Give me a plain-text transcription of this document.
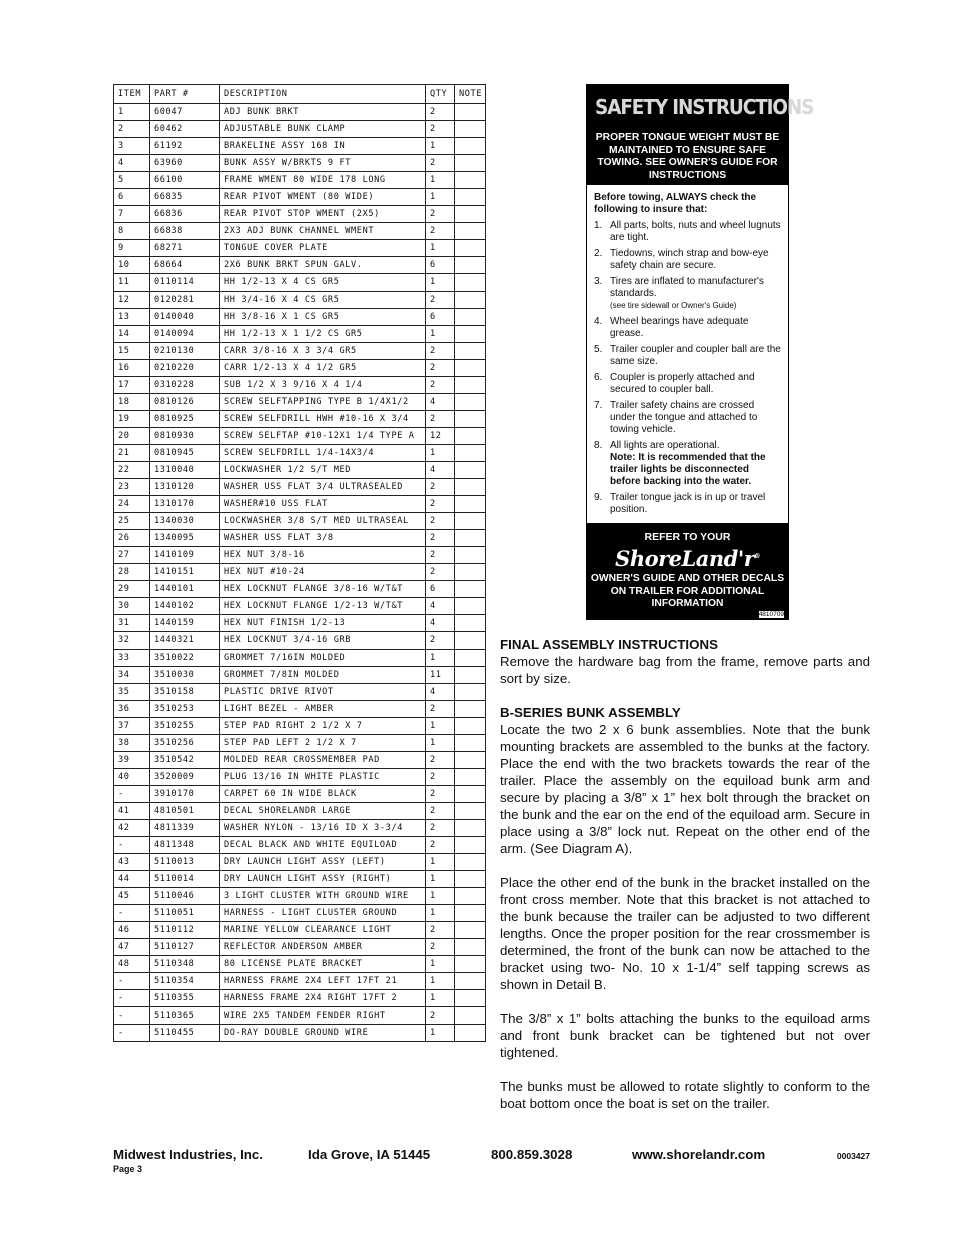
ITEM	PART #	DESCRIPTION	QTY	NOTE
1	60047	ADJ BUNK BRKT	2	
2	60462	ADJUSTABLE BUNK CLAMP	2	
3	61192	BRAKELINE ASSY 168 IN	1	
4	63960	BUNK ASSY W/BRKTS 9 FT	2	
5	66100	FRAME WMENT 80 WIDE 178 LONG	1	
6	66835	REAR PIVOT WMENT (80 WIDE)	1	
7	66836	REAR PIVOT STOP WMENT (2X5)	2	
8	66838	2X3 ADJ BUNK CHANNEL WMENT	2	
9	68271	TONGUE COVER PLATE	1	
10	68664	2X6 BUNK BRKT SPUN GALV.	6	
11	0110114	HH 1/2-13 X 4 CS GR5	1	
12	0120281	HH 3/4-16 X 4 CS GR5	2	
13	0140040	HH 3/8-16 X 1 CS GR5	6	
14	0140094	HH 1/2-13 X 1 1/2 CS GR5	1	
15	0210130	CARR 3/8-16 X 3 3/4 GR5	2	
16	0210220	CARR 1/2-13 X 4 1/2 GR5	2	
17	0310228	SUB 1/2 X 3 9/16 X 4 1/4	2	
18	0810126	SCREW SELFTAPPING TYPE B 1/4X1/2	4	
19	0810925	SCREW SELFDRILL HWH #10-16 X 3/4	2	
20	0810930	SCREW SELFTAP #10-12X1 1/4 TYPE A	12	
21	0810945	SCREW SELFDRILL 1/4-14X3/4	1	
22	1310040	LOCKWASHER 1/2 S/T MED	4	
23	1310120	WASHER USS FLAT 3/4 ULTRASEALED	2	
24	1310170	WASHER#10 USS FLAT	2	
25	1340030	LOCKWASHER 3/8 S/T MED ULTRASEAL	2	
26	1340095	WASHER USS FLAT 3/8	2	
27	1410109	HEX NUT 3/8-16	2	
28	1410151	HEX NUT #10-24	2	
29	1440101	HEX LOCKNUT FLANGE 3/8-16 W/T&T	6	
30	1440102	HEX LOCKNUT FLANGE 1/2-13 W/T&T	4	
31	1440159	HEX NUT FINISH 1/2-13	4	
32	1440321	HEX LOCKNUT 3/4-16 GRB	2	
33	3510022	GROMMET 7/16IN MOLDED	1	
34	3510030	GROMMET 7/8IN MOLDED	11	
35	3510158	PLASTIC DRIVE RIVOT	4	
36	3510253	LIGHT BEZEL - AMBER	2	
37	3510255	STEP PAD RIGHT 2 1/2 X 7	1	
38	3510256	STEP PAD LEFT 2 1/2 X 7	1	
39	3510542	MOLDED REAR CROSSMEMBER PAD	2	
40	3520009	PLUG 13/16 IN WHITE PLASTIC	2	
-	3910170	CARPET 60 IN WIDE BLACK	2	
41	4810501	DECAL SHORELANDR LARGE	2	
42	4811339	WASHER NYLON - 13/16 ID X 3-3/4	2	
-	4811348	DECAL BLACK AND WHITE EQUILOAD	2	
43	5110013	DRY LAUNCH LIGHT ASSY (LEFT)	1	
44	5110014	DRY LAUNCH LIGHT ASSY (RIGHT)	1	
45	5110046	3 LIGHT CLUSTER WITH GROUND WIRE	1	
-	5110051	HARNESS - LIGHT CLUSTER GROUND	1	
46	5110112	MARINE YELLOW CLEARANCE LIGHT	2	
47	5110127	REFLECTOR ANDERSON AMBER	2	
48	5110348	80 LICENSE PLATE BRACKET	1	
-	5110354	HARNESS FRAME 2X4 LEFT 17FT 21	1	
-	5110355	HARNESS FRAME 2X4 RIGHT 17FT 2	1	
-	5110365	WIRE 2X5 TANDEM FENDER RIGHT	2	
-	5110455	DO-RAY DOUBLE GROUND WIRE	1	
SAFETY INSTRUCTIONS
PROPER TONGUE WEIGHT MUST BE MAINTAINED TO ENSURE SAFE TOWING. SEE OWNER'S GUIDE FOR INSTRUCTIONS
Before towing, ALWAYS check the following to insure that:
1. All parts, bolts, nuts and wheel lugnuts are tight.
2. Tiedowns, winch strap and bow-eye safety chain are secure.
3. Tires are inflated to manufacturer's standards.
(see tire sidewall or Owner's Guide)
4. Wheel bearings have adequate grease.
5. Trailer coupler and coupler ball are the same size.
6. Coupler is properly attached and secured to coupler ball.
7. Trailer safety chains are crossed under the tongue and attached to towing vehicle.
8. All lights are operational.
Note: It is recommended that the trailer lights be disconnected before backing into the water.
9. Trailer tongue jack is in up or travel position.
REFER TO YOUR
ShoreLand'r®
OWNER'S GUIDE AND OTHER DECALS ON TRAILER FOR ADDITIONAL INFORMATION
4810709
FINAL ASSEMBLY INSTRUCTIONS

Remove the hardware bag from the frame, remove parts and sort by size.

B-SERIES BUNK ASSEMBLY

Locate the two 2 x 6 bunk assemblies. Note that the bunk mounting brackets are assembled to the bunks at the factory. Place the end with the two brackets towards the rear of the trailer. Place the assembly on the equiload bunk arm and secure by placing a 3/8” x 1” hex bolt through the bracket on the bunk and the ear on the end of the equiload arm. Secure in place using a 3/8” lock nut. Repeat on the other end of the arm. (See Diagram A).

Place the other end of the bunk in the bracket installed on the front cross member. Note that this bracket is not attached to the bunk because the trailer can be adjusted to two different lengths. Once the proper position for the rear crossmember is determined, the front of the bunk can now be attached to the bracket using two- No. 10 x 1-1/4” self tapping screws as shown in Detail B.

The 3/8” x 1” bolts attaching the bunks to the equiload arms and front bunk bracket can be tightened but not over tightened.

The bunks must be allowed to rotate slightly to conform to the boat bottom once the boat is set on the trailer.

Midwest Industries, Inc.	Ida Grove, IA 51445	800.859.3028	www.shorelandr.com	0003427
Page 3
